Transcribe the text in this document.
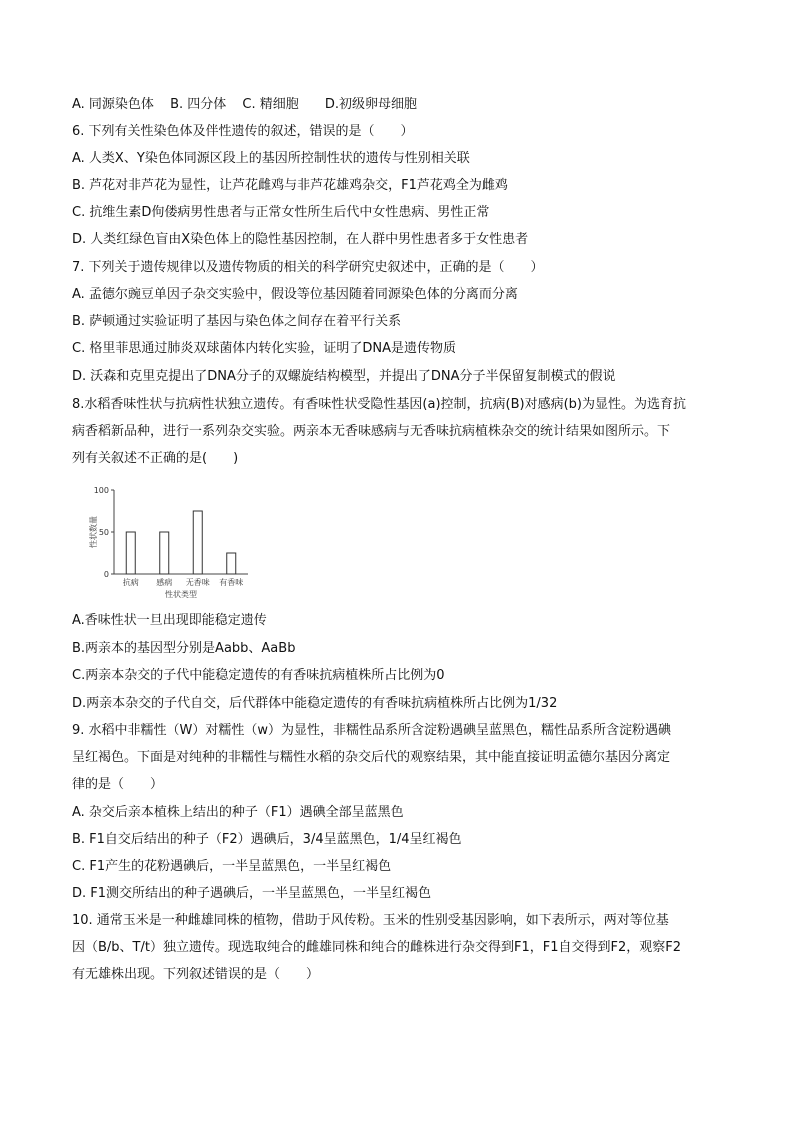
A. 同源染色体 B. 四分体 C. 精细胞 D.初级卵母细胞
6. 下列有关性染色体及伴性遗传的叙述，错误的是（　　）
A. 人类X、Y染色体同源区段上的基因所控制性状的遗传与性别相关联
B. 芦花对非芦花为显性，让芦花雌鸡与非芦花雄鸡杂交，F1芦花鸡全为雌鸡
C. 抗维生素D佝偻病男性患者与正常女性所生后代中女性患病、男性正常
D. 人类红绿色盲由X染色体上的隐性基因控制，在人群中男性患者多于女性患者
7. 下列关于遗传规律以及遗传物质的相关的科学研究史叙述中，正确的是（　　）
A. 孟德尔豌豆单因子杂交实验中，假设等位基因随着同源染色体的分离而分离
B. 萨顿通过实验证明了基因与染色体之间存在着平行关系
C. 格里菲思通过肺炎双球菌体内转化实验，证明了DNA是遗传物质
D. 沃森和克里克提出了DNA分子的双螺旋结构模型，并提出了DNA分子半保留复制模式的假说
8.水稻香味性状与抗病性状独立遗传。有香味性状受隐性基因(a)控制，抗病(B)对感病(b)为显性。为选育抗
病香稻新品种，进行一系列杂交实验。两亲本无香味感病与无香味抗病植株杂交的统计结果如图所示。下
列有关叙述不正确的是(　　)
0
50
100
性状数量
抗病 感病 无香味 有香味
性状类型
A.香味性状一旦出现即能稳定遗传
B.两亲本的基因型分别是Aabb、AaBb
C.两亲本杂交的子代中能稳定遗传的有香味抗病植株所占比例为0
D.两亲本杂交的子代自交，后代群体中能稳定遗传的有香味抗病植株所占比例为1/32
9. 水稻中非糯性（W）对糯性（w）为显性，非糯性品系所含淀粉遇碘呈蓝黑色，糯性品系所含淀粉遇碘
呈红褐色。下面是对纯种的非糯性与糯性水稻的杂交后代的观察结果，其中能直接证明孟德尔基因分离定
律的是（　　）
A. 杂交后亲本植株上结出的种子（F1）遇碘全部呈蓝黑色
B. F1自交后结出的种子（F2）遇碘后，3/4呈蓝黑色，1/4呈红褐色
C. F1产生的花粉遇碘后，一半呈蓝黑色，一半呈红褐色
D. F1测交所结出的种子遇碘后，一半呈蓝黑色，一半呈红褐色
10. 通常玉米是一种雌雄同株的植物，借助于风传粉。玉米的性别受基因影响，如下表所示，两对等位基
因（B/b、T/t）独立遗传。现选取纯合的雌雄同株和纯合的雌株进行杂交得到F1，F1自交得到F2，观察F2
有无雄株出现。下列叙述错误的是（　　）
